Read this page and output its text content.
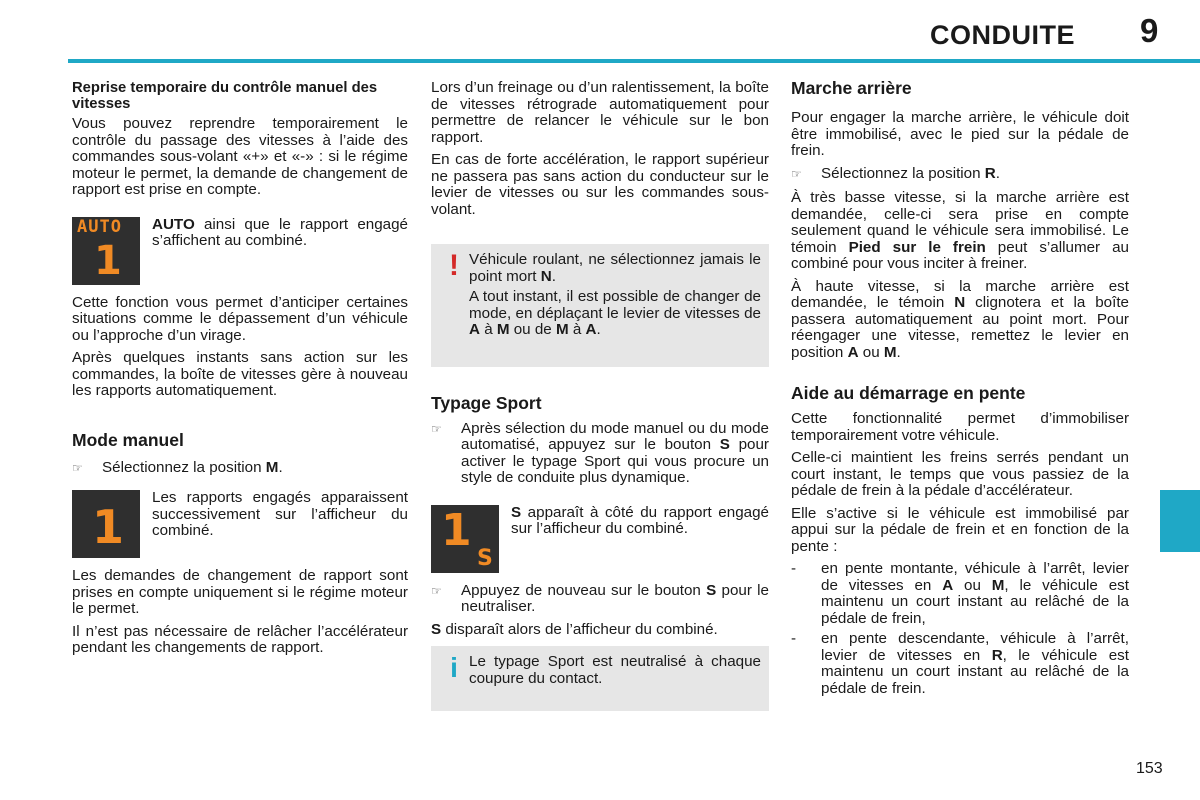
CONDUITE 9
Reprise temporaire du contrôle manuel des vitesses

Vous pouvez reprendre temporairement le contrôle du passage des vitesses à l’aide des commandes sous-volant «+» et «-» : si le régime moteur le permet, la demande de changement de rapport est prise en compte.

AUTO
1
AUTO ainsi que le rapport engagé s’affichent au combiné.

Cette fonction vous permet d’anticiper certaines situations comme le dépassement d’un véhicule ou l’approche d’un virage.

Après quelques instants sans action sur les commandes, la boîte de vitesses gère à nouveau les rapports automatiquement.

Mode manuel
☞	Sélectionnez la position M.
1
Les rapports engagés apparaissent successivement sur l’afficheur du combiné.

Les demandes de changement de rapport sont prises en compte uniquement si le régime moteur le permet.

Il n’est pas nécessaire de relâcher l’accélérateur pendant les changements de rapport.

Lors d’un freinage ou d’un ralentissement, la boîte de vitesses rétrograde automatiquement pour permettre de relancer le véhicule sur le bon rapport.

En cas de forte accélération, le rapport supérieur ne passera pas sans action du conducteur sur le levier de vitesses ou sur les commandes sous-volant.

! Véhicule roulant, ne sélectionnez jamais le point mort N.

A tout instant, il est possible de changer de mode, en déplaçant le levier de vitesses de A à M ou de M à A.

Typage Sport
☞	Après sélection du mode manuel ou du mode automatisé, appuyez sur le bouton S pour activer le typage Sport qui vous procure un style de conduite plus dynamique.
1
S
S apparaît à côté du rapport engagé sur l’afficheur du combiné.
☞	Appuyez de nouveau sur le bouton S pour le neutraliser.

S disparaît alors de l’afficheur du combiné.

i Le typage Sport est neutralisé à chaque coupure du contact.
Marche arrière

Pour engager la marche arrière, le véhicule doit être immobilisé, avec le pied sur la pédale de frein.

☞	Sélectionnez la position R.

À très basse vitesse, si la marche arrière est demandée, celle-ci sera prise en compte seulement quand le véhicule sera immobilisé. Le témoin Pied sur le frein peut s’allumer au combiné pour vous inciter à freiner.

À haute vitesse, si la marche arrière est demandée, le témoin N clignotera et la boîte passera automatiquement au point mort. Pour réengager une vitesse, remettez le levier en position A ou M.

Aide au démarrage en pente

Cette fonctionnalité permet d’immobiliser temporairement votre véhicule.

Celle-ci maintient les freins serrés pendant un court instant, le temps que vous passiez de la pédale de frein à la pédale d’accélérateur.

Elle s’active si le véhicule est immobilisé par appui sur la pédale de frein et en fonction de la pente :

-	en pente montante, véhicule à l’arrêt, levier de vitesses en A ou M, le véhicule est maintenu un court instant au relâché de la pédale de frein,
-	en pente descendante, véhicule à l’arrêt, levier de vitesses en R, le véhicule est maintenu un court instant au relâché de la pédale de frein.
153
